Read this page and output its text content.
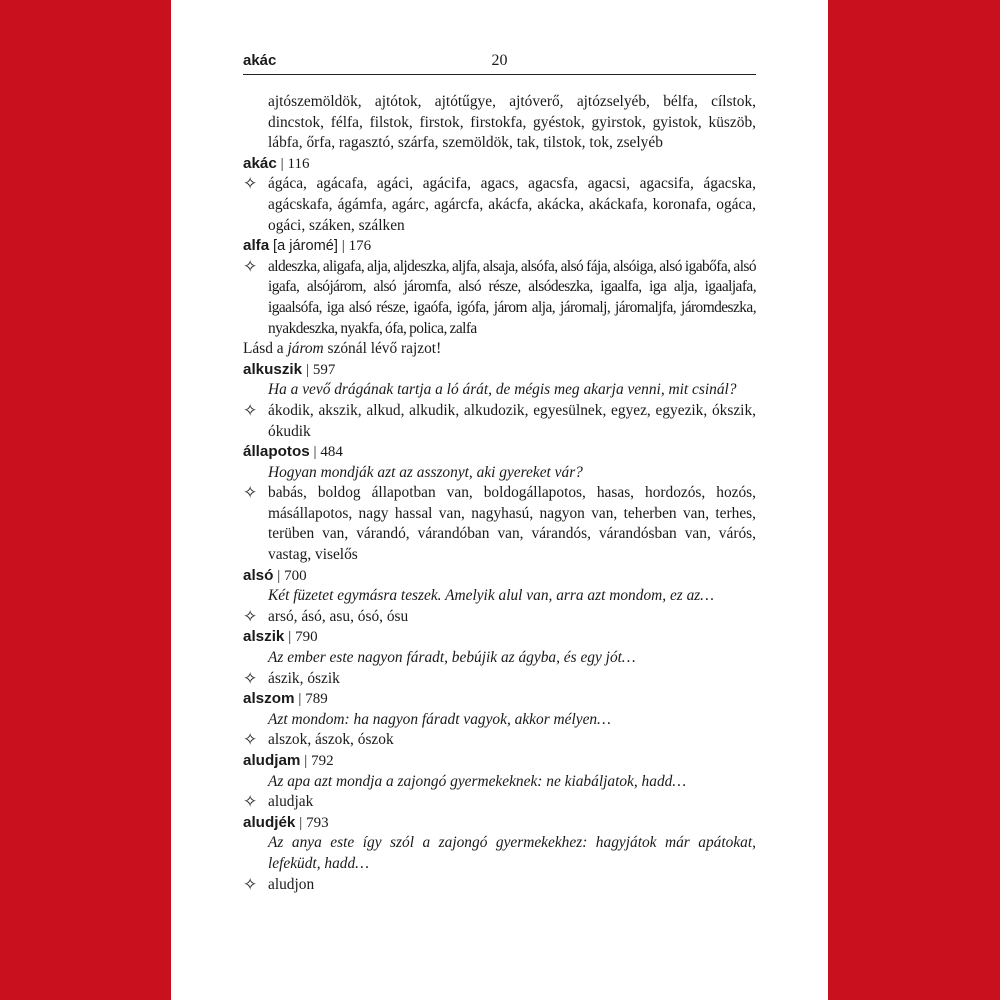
akác	20
ajtószemöldök, ajtótok, ajtótűgye, ajtóverő, ajtózselyéb, bélfa, cílstok, dincstok, félfa, filstok, firstok, firstokfa, gyéstok, gyirstok, gyistok, küszöb, lábfa, őrfa, ragasztó, szárfa, szemöldök, tak, tilstok, tok, zselyéb
akác | 116
✧ ágáca, agácafa, agáci, agácifa, agacs, agacsfa, agacsi, agacsifa, ágacska, agácskafa, ágámfa, agárc, agárcfa, akácfa, akácka, akáckafa, koronafa, ogáca, ogáci, száken, szálken
alfa [a járomé] | 176
✧ aldeszka, aligafa, alja, aljdeszka, aljfa, alsaja, alsófa, alsó fája, alsóiga, alsó igabőfa, alsó igafa, alsójárom, alsó járomfa, alsó része, alsódeszka, igaalfa, iga alja, igaaljafa, igaalsófa, iga alsó része, igaófa, igófa, járom alja, járomalj, járomaljfa, járomdeszka, nyakdeszka, nyakfa, ófa, polica, zalfa
Lásd a járom szónál lévő rajzot!
alkuszik | 597
Ha a vevő drágának tartja a ló árát, de mégis meg akarja venni, mit csinál?
✧ ákodik, akszik, alkud, alkudik, alkudozik, egyesülnek, egyez, egyezik, ókszik, ókudik
állapotos | 484
Hogyan mondják azt az asszonyt, aki gyereket vár?
✧ babás, boldog állapotban van, boldogállapotos, hasas, hordozós, hozós, másállapotos, nagy hassal van, nagyhasú, nagyon van, teherben van, terhes, terüben van, várandó, várandóban van, várandós, várandósban van, várós, vastag, viselős
alsó | 700
Két füzetet egymásra teszek. Amelyik alul van, arra azt mondom, ez az…
✧ arsó, ásó, asu, ósó, ósu
alszik | 790
Az ember este nagyon fáradt, bebújik az ágyba, és egy jót…
✧ ászik, ószik
alszom | 789
Azt mondom: ha nagyon fáradt vagyok, akkor mélyen…
✧ alszok, ászok, ószok
aludjam | 792
Az apa azt mondja a zajongó gyermekeknek: ne kiabáljatok, hadd…
✧ aludjak
aludjék | 793
Az anya este így szól a zajongó gyermekekhez: hagyjátok már apátokat, lefeküdt, hadd…
✧ aludjon
